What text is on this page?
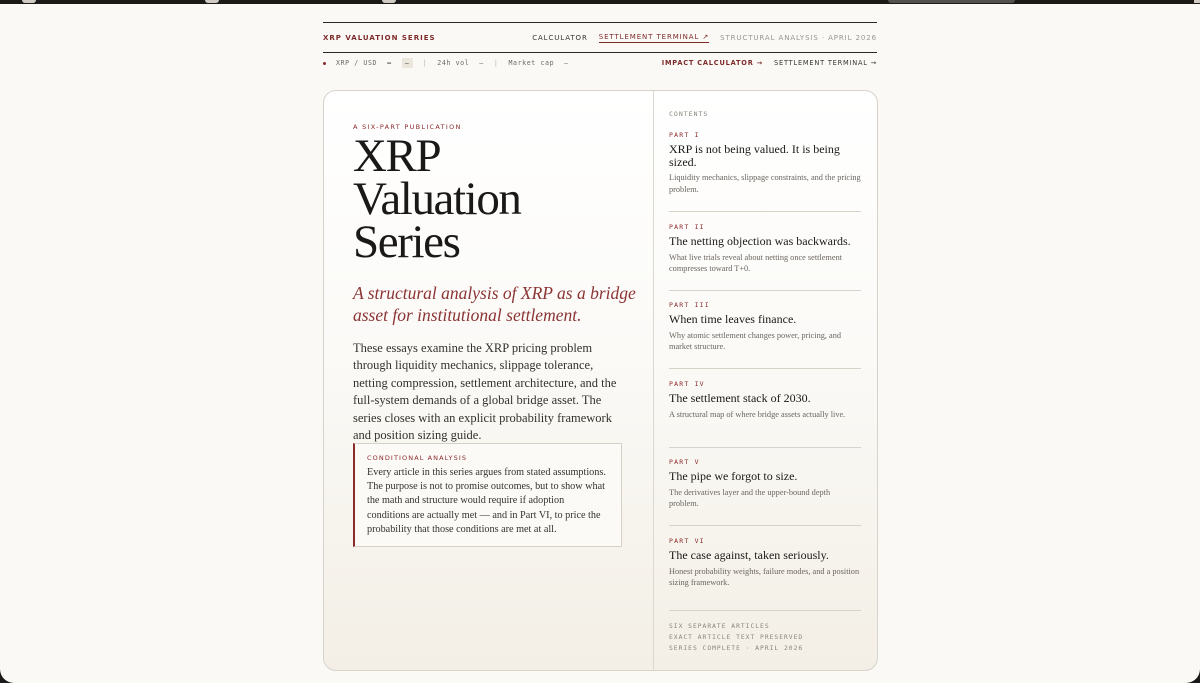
XRP VALUATION SERIES	CALCULATOR SETTLEMENT TERMINAL ↗ STRUCTURAL ANALYSIS · APRIL 2026
XRP / USD —	—	| 24h vol — | Market cap —	IMPACT CALCULATOR → SETTLEMENT TERMINAL →
A SIX-PART PUBLICATION
XRP
Valuation
Series
A structural analysis of XRP as a bridge asset for institutional settlement.
These essays examine the XRP pricing problem through liquidity mechanics, slippage tolerance, netting compression, settlement architecture, and the full-system demands of a global bridge asset. The series closes with an explicit probability framework and position sizing guide.
CONDITIONAL ANALYSIS
Every article in this series argues from stated assumptions. The purpose is not to promise outcomes, but to show what the math and structure would require if adoption conditions are actually met — and in Part VI, to price the probability that those conditions are met at all.
CONTENTS
PART I
XRP is not being valued. It is being sized.
Liquidity mechanics, slippage constraints, and the pricing problem.
PART II
The netting objection was backwards.
What live trials reveal about netting once settlement compresses toward T+0.
PART III
When time leaves finance.
Why atomic settlement changes power, pricing, and market structure.
PART IV
The settlement stack of 2030.
A structural map of where bridge assets actually live.
PART V
The pipe we forgot to size.
The derivatives layer and the upper-bound depth problem.
PART VI
The case against, taken seriously.
Honest probability weights, failure modes, and a position sizing framework.
SIX SEPARATE ARTICLES
EXACT ARTICLE TEXT PRESERVED
SERIES COMPLETE · APRIL 2026
